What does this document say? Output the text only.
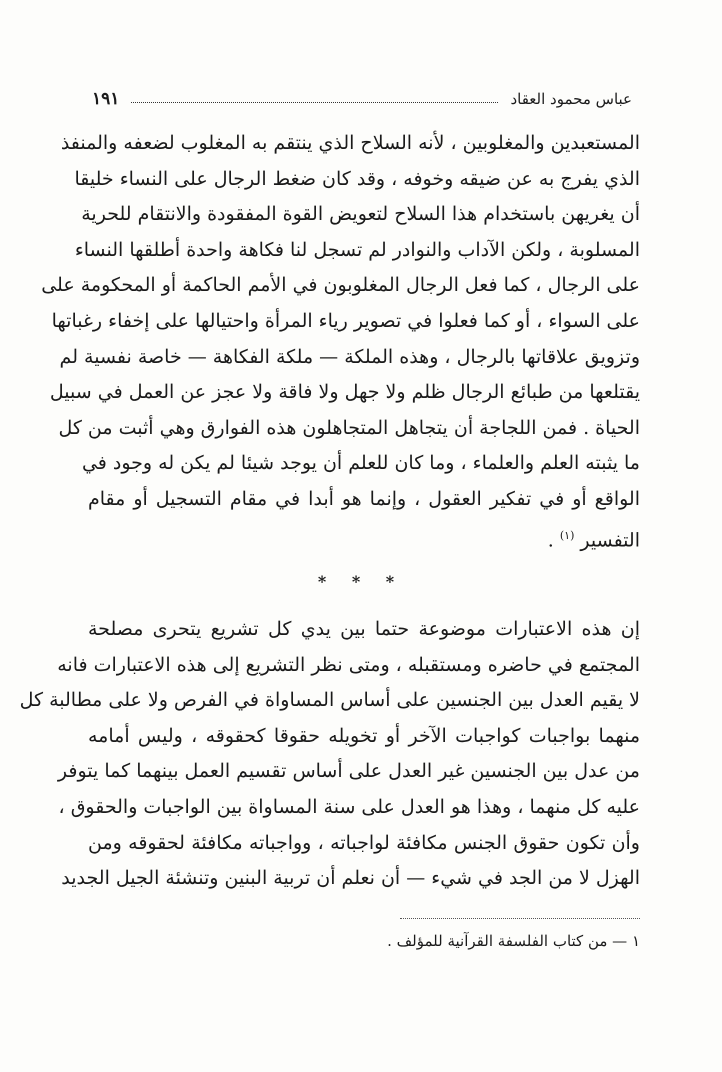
عباس محمود العقاد
١٩١
المستعبدين والمغلوبين ، لأنه السلاح الذي ينتقم به المغلوب لضعفه والمنفذ
الذي يفرج به عن ضيقه وخوفه ، وقد كان ضغط الرجال على النساء خليقا
أن يغريهن باستخدام هذا السلاح لتعويض القوة المفقودة والانتقام للحرية
المسلوبة ، ولكن الآداب والنوادر لم تسجل لنا فكاهة واحدة أطلقها النساء
على الرجال ، كما فعل الرجال المغلوبون في الأمم الحاكمة أو المحكومة على
على السواء ، أو كما فعلوا في تصوير رياء المرأة واحتيالها على إخفاء رغباتها
وتزويق علاقاتها بالرجال ، وهذه الملكة — ملكة الفكاهة — خاصة نفسية لم
يقتلعها من طبائع الرجال ظلم ولا جهل ولا فاقة ولا عجز عن العمل في سبيل
الحياة . فمن اللجاجة أن يتجاهل المتجاهلون هذه الفوارق وهي أثبت من كل
ما يثبته العلم والعلماء ، وما كان للعلم أن يوجد شيئا لم يكن له وجود في
الواقع أو في تفكير العقول ، وإنما هو أبدا في مقام التسجيل أو مقام
التفسير $^{(١)}$ .
* * *
إن هذه الاعتبارات موضوعة حتما بين يدي كل تشريع يتحرى مصلحة
المجتمع في حاضره ومستقبله ، ومتى نظر التشريع إلى هذه الاعتبارات فانه
لا يقيم العدل بين الجنسين على أساس المساواة في الفرص ولا على مطالبة كل
منهما بواجبات كواجبات الآخر أو تخويله حقوقا كحقوقه ، وليس أمامه
من عدل بين الجنسين غير العدل على أساس تقسيم العمل بينهما كما يتوفر
عليه كل منهما ، وهذا هو العدل على سنة المساواة بين الواجبات والحقوق ،
وأن تكون حقوق الجنس مكافئة لواجباته ، وواجباته مكافئة لحقوقه ومن
الهزل لا من الجد في شيء — أن نعلم أن تربية البنين وتنشئة الجيل الجديد
١ — من كتاب الفلسفة القرآنية للمؤلف .
